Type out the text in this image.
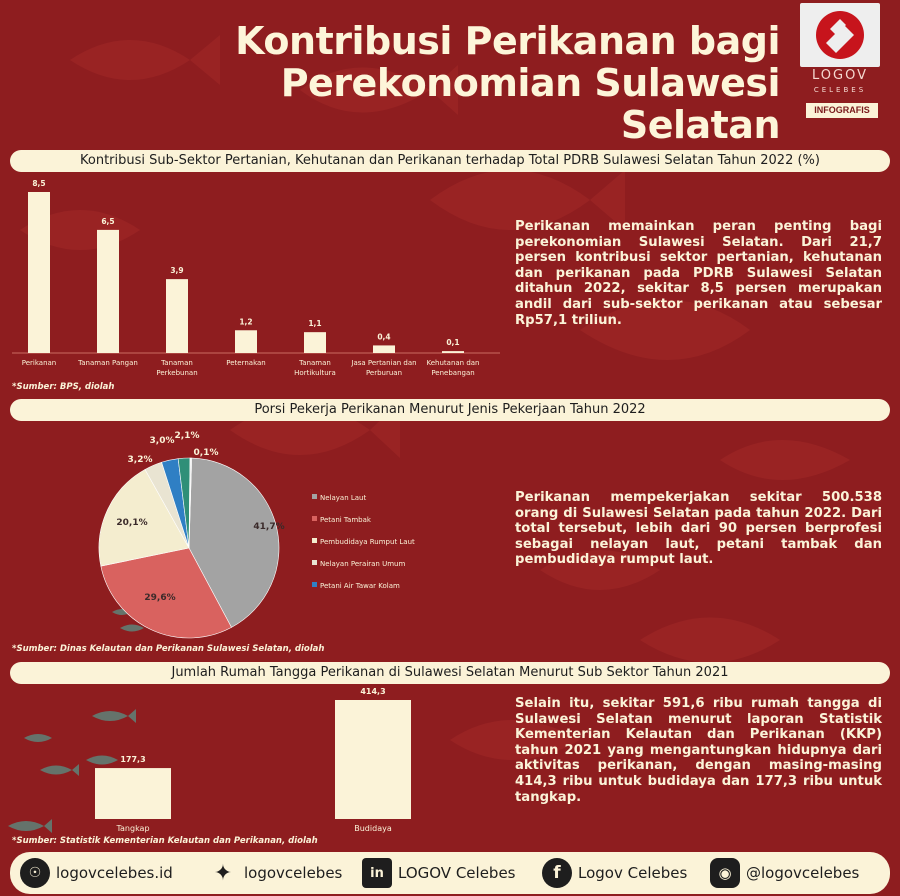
Kontribusi Perikanan bagi
Perekonomian Sulawesi Selatan
LOGOV
CELEBES
INFOGRAFIS
Kontribusi Sub-Sektor Pertanian, Kehutanan dan Perikanan terhadap Total PDRB Sulawesi Selatan Tahun 2022 (%)
8,5
Perikanan
6,5
Tanaman Pangan
3,9
Tanaman
Perkebunan
1,2
Peternakan
1,1
Tanaman
Hortikultura
0,4
Jasa Pertanian dan
Perburuan
0,1
Kehutanan dan
Penebangan
*Sumber: BPS, diolah
Perikanan memainkan peran penting bagi perekonomian Sulawesi Selatan. Dari 21,7 persen kontribusi sektor pertanian, kehutanan dan perikanan pada PDRB Sulawesi Selatan ditahun 2022, sekitar 8,5 persen merupakan andil dari sub-sektor perikanan atau sebesar Rp57,1 triliun.
Porsi Pekerja Perikanan Menurut Jenis Pekerjaan Tahun 2022
41,7%
29,6%
20,1%
3,2%
3,0% 2,1%
0,1%
Nelayan Laut
Petani Tambak
Pembudidaya Rumput Laut
Nelayan Perairan Umum
Petani Air Tawar Kolam
*Sumber: Dinas Kelautan dan Perikanan Sulawesi Selatan, diolah
Perikanan mempekerjakan sekitar 500.538 orang di Sulawesi Selatan pada tahun 2022. Dari total tersebut, lebih dari 90 persen berprofesi sebagai nelayan laut, petani tambak dan pembudidaya rumput laut.
Jumlah Rumah Tangga Perikanan di Sulawesi Selatan Menurut Sub Sektor Tahun 2021
177,3
Tangkap
414,3
Budidaya
*Sumber: Statistik Kementerian Kelautan dan Perikanan, diolah
Selain itu, sekitar 591,6 ribu rumah tangga di Sulawesi Selatan menurut laporan Statistik Kementerian Kelautan dan Perikanan (KKP) tahun 2021 yang mengantungkan hidupnya dari aktivitas perikanan, dengan masing-masing 414,3 ribu untuk budidaya dan 177,3 ribu untuk tangkap.
☉ logovcelebes.id ✦ logovcelebes	in LOGOV Celebes	f	Logov Celebes	◉ @logovcelebes
